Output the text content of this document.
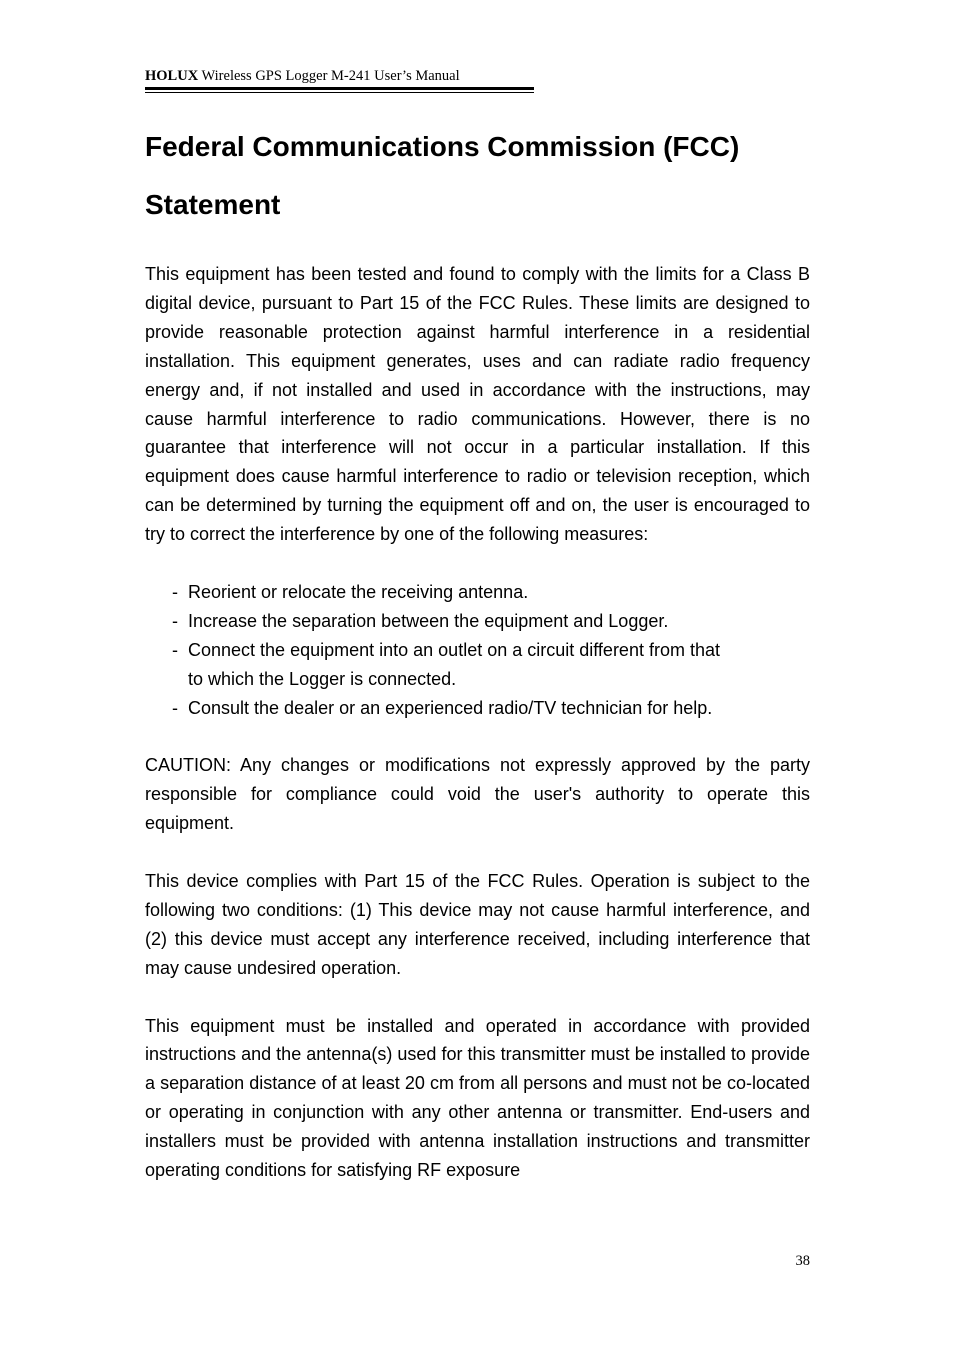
HOLUX Wireless GPS Logger M-241 User’s Manual
Federal Communications Commission (FCC)
Statement

This equipment has been tested and found to comply with the limits for a Class B digital device, pursuant to Part 15 of the FCC Rules. These limits are designed to provide reasonable protection against harmful interference in a residential installation. This equipment generates, uses and can radiate radio frequency energy and, if not installed and used in accordance with the instructions, may cause harmful interference to radio communications. However, there is no guarantee that interference will not occur in a particular installation. If this equipment does cause harmful interference to radio or television reception, which can be determined by turning the equipment off and on, the user is encouraged to try to correct the interference by one of the following measures:

- Reorient or relocate the receiving antenna.
- Increase the separation between the equipment and Logger.
- Connect the equipment into an outlet on a circuit different from that
to which the Logger is connected.
- Consult the dealer or an experienced radio/TV technician for help.

CAUTION: Any changes or modifications not expressly approved by the party responsible for compliance could void the user's authority to operate this equipment.

This device complies with Part 15 of the FCC Rules. Operation is subject to the following two conditions: (1) This device may not cause harmful interference, and (2) this device must accept any interference received, including interference that may cause undesired operation.

This equipment must be installed and operated in accordance with provided instructions and the antenna(s) used for this transmitter must be installed to provide a separation distance of at least 20 cm from all persons and must not be co-located or operating in conjunction with any other antenna or transmitter. End-users and installers must be provided with antenna installation instructions and transmitter operating conditions for satisfying RF exposure

38
